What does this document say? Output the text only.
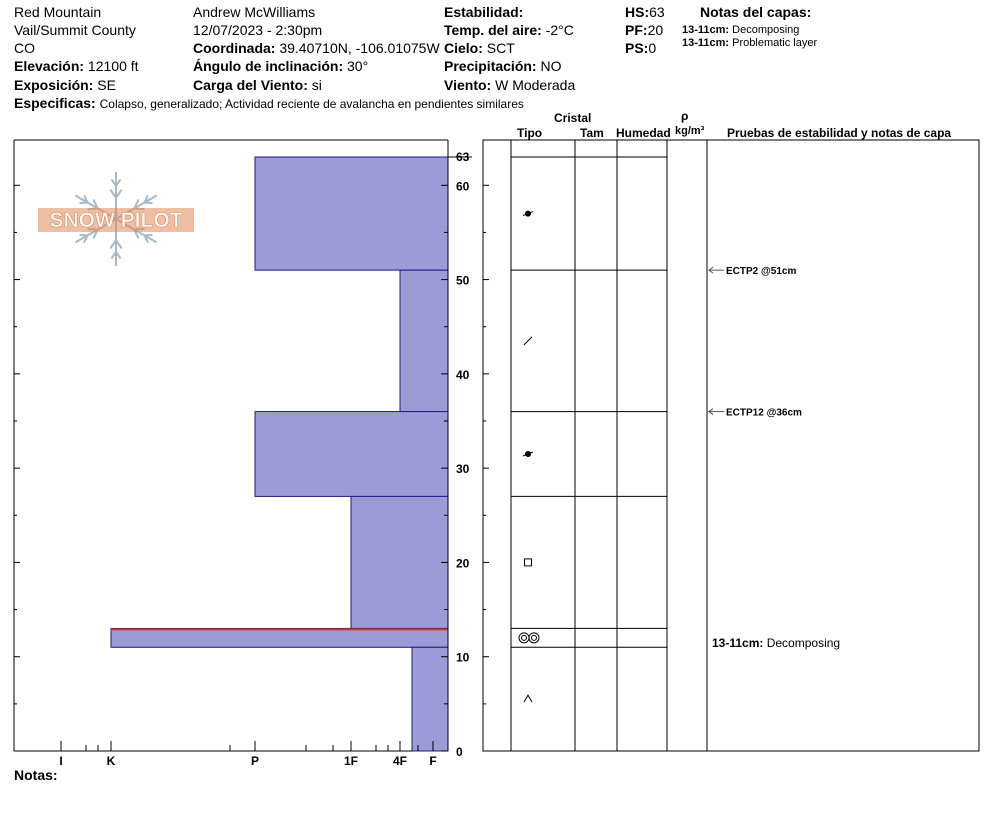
Red Mountain
Vail/Summit County
CO
Elevación: 12100 ft
Exposición: SE
Especificas: Colapso, generalizado; Actividad reciente de avalancha en pendientes similares
Andrew McWilliams
12/07/2023 - 2:30pm
Coordinada: 39.40710N, -106.01075W
Ángulo de inclinación: 30°
Carga del Viento: si
Estabilidad:
Temp. del aire: -2°C
Cielo: SCT
Precipitación: NO
Viento: W Moderada
HS:63
PF:20
PS:0
Notas del capas:
13-11cm: Decomposing
13-11cm: Problematic layer
Cristal
Tipo	Tam Humedad
ρ
kg/m³ Pruebas de estabilidad y notas de capa
SNOW PILOT
0
10
20
30
40
50
60
63
I	K	P	1F	4F F
ECTP2 @51cm
ECTP12 @36cm
Notas:
13-11cm: Decomposing
